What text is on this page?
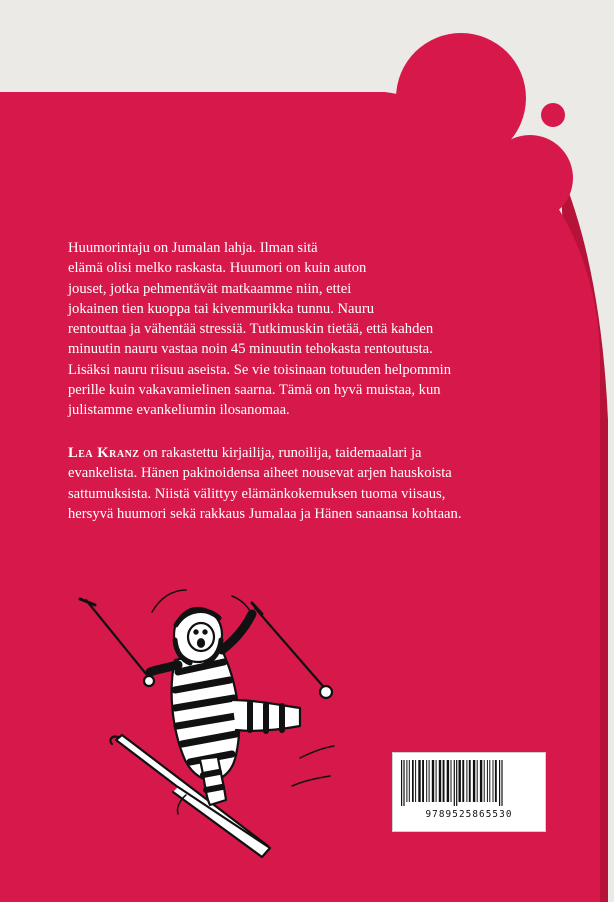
Huumorintaju on Jumalan lahja. Ilman sitä
elämä olisi melko raskasta. Huumori on kuin auton
jouset, jotka pehmentävät matkaamme niin, ettei
jokainen tien kuoppa tai kivenmurikka tunnu. Nauru
rentouttaa ja vähentää stressiä. Tutkimuskin tietää, että kahden
minuutin nauru vastaa noin 45 minuutin tehokasta rentoutusta.
Lisäksi nauru riisuu aseista. Se vie toisinaan totuuden helpommin
perille kuin vakavamielinen saarna. Tämä on hyvä muistaa, kun
julistamme evankeliumin ilosanomaa.
Lea Kranz on rakastettu kirjailija, runoilija, taidemaalari ja
evankelista. Hänen pakinoidensa aiheet nousevat arjen hauskoista
sattumuksista. Niistä välittyy elämänkokemuksen tuoma viisaus,
hersyvä huumori sekä rakkaus Jumalaa ja Hänen sanaansa kohtaan.
9789525865530
